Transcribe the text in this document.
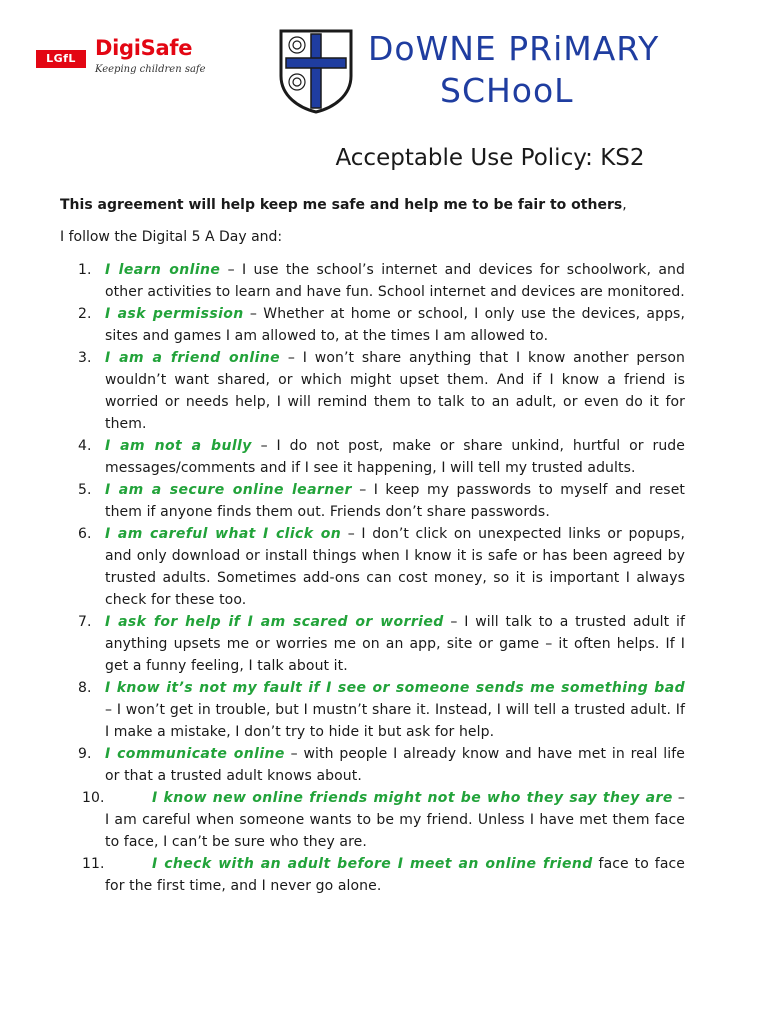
LGfL DigiSafe
Keeping children safe
DoWNE PRiMARY
SCHooL
Acceptable Use Policy: KS2
This agreement will help keep me safe and help me to be fair to others,
I follow the Digital 5 A Day and:
1. I learn online – I use the school’s internet and devices for schoolwork, and other activities to learn and have fun. School internet and devices are monitored.
2. I ask permission – Whether at home or school, I only use the devices, apps, sites and games I am allowed to, at the times I am allowed to.
3. I am a friend online – I won’t share anything that I know another person wouldn’t want shared, or which might upset them. And if I know a friend is worried or needs help, I will remind them to talk to an adult, or even do it for them.
4. I am not a bully – I do not post, make or share unkind, hurtful or rude messages/comments and if I see it happening, I will tell my trusted adults.
5. I am a secure online learner – I keep my passwords to myself and reset them if anyone finds them out. Friends don’t share passwords.
6. I am careful what I click on – I don’t click on unexpected links or popups, and only download or install things when I know it is safe or has been agreed by trusted adults. Sometimes add-ons can cost money, so it is important I always check for these too.
7. I ask for help if I am scared or worried – I will talk to a trusted adult if anything upsets me or worries me on an app, site or game – it often helps. If I get a funny feeling, I talk about it.
8. I know it’s not my fault if I see or someone sends me something bad – I won’t get in trouble, but I mustn’t share it. Instead, I will tell a trusted adult. If I make a mistake, I don’t try to hide it but ask for help.
9. I communicate online – with people I already know and have met in real life or that a trusted adult knows about.
10.	I know new online friends might not be who they say they are – I am careful when someone wants to be my friend. Unless I have met them face to face, I can’t be sure who they are.
11.	I check with an adult before I meet an online friend face to face for the first time, and I never go alone.
